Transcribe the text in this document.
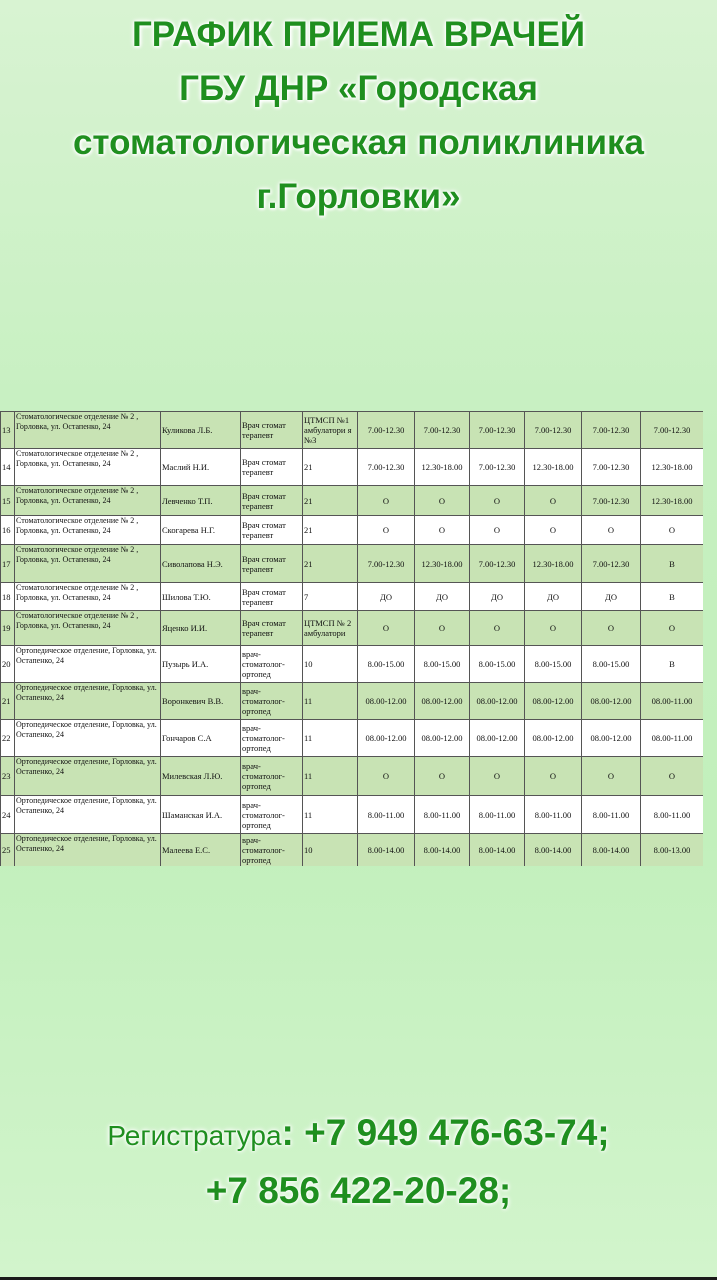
ГРАФИК ПРИЕМА ВРАЧЕЙ
ГБУ ДНР «Городская
стоматологическая поликлиника
г.Горловки»
13	Стоматологическое отделение № 2 , Горловка, ул. Остапенко, 24	Куликова Л.Б.	Врач стомат терапевт	ЦТМСП №1 амбулатори я №3	7.00-12.30	7.00-12.30	7.00-12.30	7.00-12.30	7.00-12.30	7.00-12.30
14	Стоматологическое отделение № 2 , Горловка, ул. Остапенко, 24	Маслий Н.И.	Врач стомат терапевт	21	7.00-12.30	12.30-18.00	7.00-12.30	12.30-18.00	7.00-12.30	12.30-18.00
15	Стоматологическое отделение № 2 , Горловка, ул. Остапенко, 24	Левченко Т.П.	Врач стомат терапевт	21	О	О	О	О	7.00-12.30	12.30-18.00
16	Стоматологическое отделение № 2 , Горловка, ул. Остапенко, 24	Скогарева Н.Г.	Врач стомат терапевт	21	О	О	О	О	О	О
17	Стоматологическое отделение № 2 , Горловка, ул. Остапенко, 24	Сиволапова Н.Э.	Врач стомат терапевт	21	7.00-12.30	12.30-18.00	7.00-12.30	12.30-18.00	7.00-12.30	В
18	Стоматологическое отделение № 2 , Горловка, ул. Остапенко, 24	Шилова Т.Ю.	Врач стомат терапевт	7	ДО	ДО	ДО	ДО	ДО	В
19	Стоматологическое отделение № 2 , Горловка, ул. Остапенко, 24	Яценко И.И.	Врач стомат терапевт	ЦТМСП № 2 амбулатори	О	О	О	О	О	О
20	Ортопедическое отделение, Горловка, ул. Остапенко, 24	Пузырь И.А.	врач-стоматолог-ортопед	10	8.00-15.00	8.00-15.00	8.00-15.00	8.00-15.00	8.00-15.00	В
21	Ортопедическое отделение, Горловка, ул. Остапенко, 24	Воронкевич В.В.	врач-стоматолог-ортопед	11	08.00-12.00	08.00-12.00	08.00-12.00	08.00-12.00	08.00-12.00	08.00-11.00
22	Ортопедическое отделение, Горловка, ул. Остапенко, 24	Гончаров С.А	врач-стоматолог-ортопед	11	08.00-12.00	08.00-12.00	08.00-12.00	08.00-12.00	08.00-12.00	08.00-11.00
23	Ортопедическое отделение, Горловка, ул. Остапенко, 24	Милевская Л.Ю.	врач-стоматолог-ортопед	11	О	О	О	О	О	О
24	Ортопедическое отделение, Горловка, ул. Остапенко, 24	Шаманская И.А.	врач-стоматолог-ортопед	11	8.00-11.00	8.00-11.00	8.00-11.00	8.00-11.00	8.00-11.00	8.00-11.00
25	Ортопедическое отделение, Горловка, ул. Остапенко, 24	Малеева Е.С.	врач-стоматолог-ортопед	10	8.00-14.00	8.00-14.00	8.00-14.00	8.00-14.00	8.00-14.00	8.00-13.00
Регистратура: +7 949 476-63-74;
+7 856 422-20-28;
